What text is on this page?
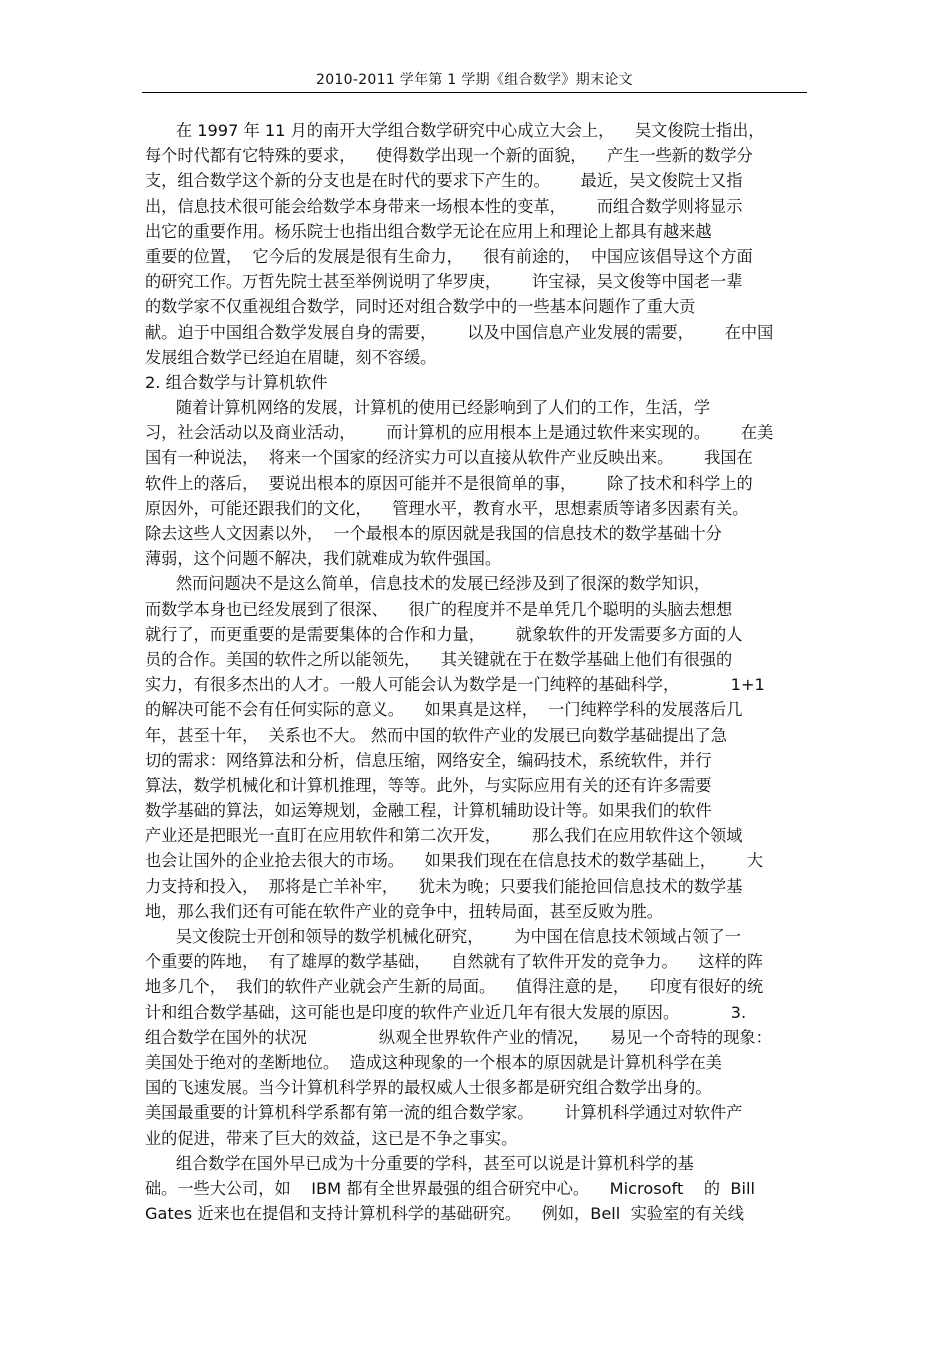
2010-2011 学年第 1 学期《组合数学》期末论文
在 1997 年 11 月的南开大学组合数学研究中心成立大会上，    吴文俊院士指出，
每个时代都有它特殊的要求，    使得数学出现一个新的面貌，    产生一些新的数学分
支，组合数学这个新的分支也是在时代的要求下产生的。      最近，吴文俊院士又指
出，信息技术很可能会给数学本身带来一场根本性的变革，      而组合数学则将显示
出它的重要作用。杨乐院士也指出组合数学无论在应用上和理论上都具有越来越
重要的位置，  它今后的发展是很有生命力，    很有前途的，  中国应该倡导这个方面
的研究工作。万哲先院士甚至举例说明了华罗庚，      许宝禄，吴文俊等中国老一辈
的数学家不仅重视组合数学，同时还对组合数学中的一些基本问题作了重大贡
献。迫于中国组合数学发展自身的需要，      以及中国信息产业发展的需要，      在中国
发展组合数学已经迫在眉睫，刻不容缓。
2. 组合数学与计算机软件
随着计算机网络的发展，计算机的使用已经影响到了人们的工作，生活，学
习，社会活动以及商业活动，      而计算机的应用根本上是通过软件来实现的。      在美
国有一种说法，  将来一个国家的经济实力可以直接从软件产业反映出来。      我国在
软件上的落后，  要说出根本的原因可能并不是很简单的事，      除了技术和科学上的
原因外，可能还跟我们的文化，    管理水平，教育水平，思想素质等诸多因素有关。
除去这些人文因素以外，  一个最根本的原因就是我国的信息技术的数学基础十分
薄弱，这个问题不解决，我们就难成为软件强国。
然而问题决不是这么简单，信息技术的发展已经涉及到了很深的数学知识，
而数学本身也已经发展到了很深、    很广的程度并不是单凭几个聪明的头脑去想想
就行了，而更重要的是需要集体的合作和力量，      就象软件的开发需要多方面的人
员的合作。美国的软件之所以能领先，    其关键就在于在数学基础上他们有很强的
实力，有很多杰出的人才。一般人可能会认为数学是一门纯粹的基础科学，          1+1
的解决可能不会有任何实际的意义。    如果真是这样，  一门纯粹学科的发展落后几
年，甚至十年，  关系也不大。 然而中国的软件产业的发展已向数学基础提出了急
切的需求：网络算法和分析，信息压缩，网络安全，编码技术，系统软件，并行
算法，数学机械化和计算机推理，等等。此外，与实际应用有关的还有许多需要
数学基础的算法，如运筹规划，金融工程，计算机辅助设计等。如果我们的软件
产业还是把眼光一直盯在应用软件和第二次开发，      那么我们在应用软件这个领域
也会让国外的企业抢去很大的市场。    如果我们现在在信息技术的数学基础上，      大
力支持和投入，  那将是亡羊补牢，    犹未为晚；只要我们能抢回信息技术的数学基
地，那么我们还有可能在软件产业的竞争中，扭转局面，甚至反败为胜。
吴文俊院士开创和领导的数学机械化研究，      为中国在信息技术领域占领了一
个重要的阵地，  有了雄厚的数学基础，    自然就有了软件开发的竞争力。    这样的阵
地多几个，  我们的软件产业就会产生新的局面。    值得注意的是，    印度有很好的统
计和组合数学基础，这可能也是印度的软件产业近几年有很大发展的原因。          3.
组合数学在国外的状况              纵观全世界软件产业的情况，    易见一个奇特的现象：
美国处于绝对的垄断地位。  造成这种现象的一个根本的原因就是计算机科学在美
国的飞速发展。当今计算机科学界的最权威人士很多都是研究组合数学出身的。
美国最重要的计算机科学系都有第一流的组合数学家。      计算机科学通过对软件产
业的促进，带来了巨大的效益，这已是不争之事实。
组合数学在国外早已成为十分重要的学科，甚至可以说是计算机科学的基
础。一些大公司，如    IBM 都有全世界最强的组合研究中心。    Microsoft    的  Bill
Gates 近来也在提倡和支持计算机科学的基础研究。    例如，Bell  实验室的有关线
